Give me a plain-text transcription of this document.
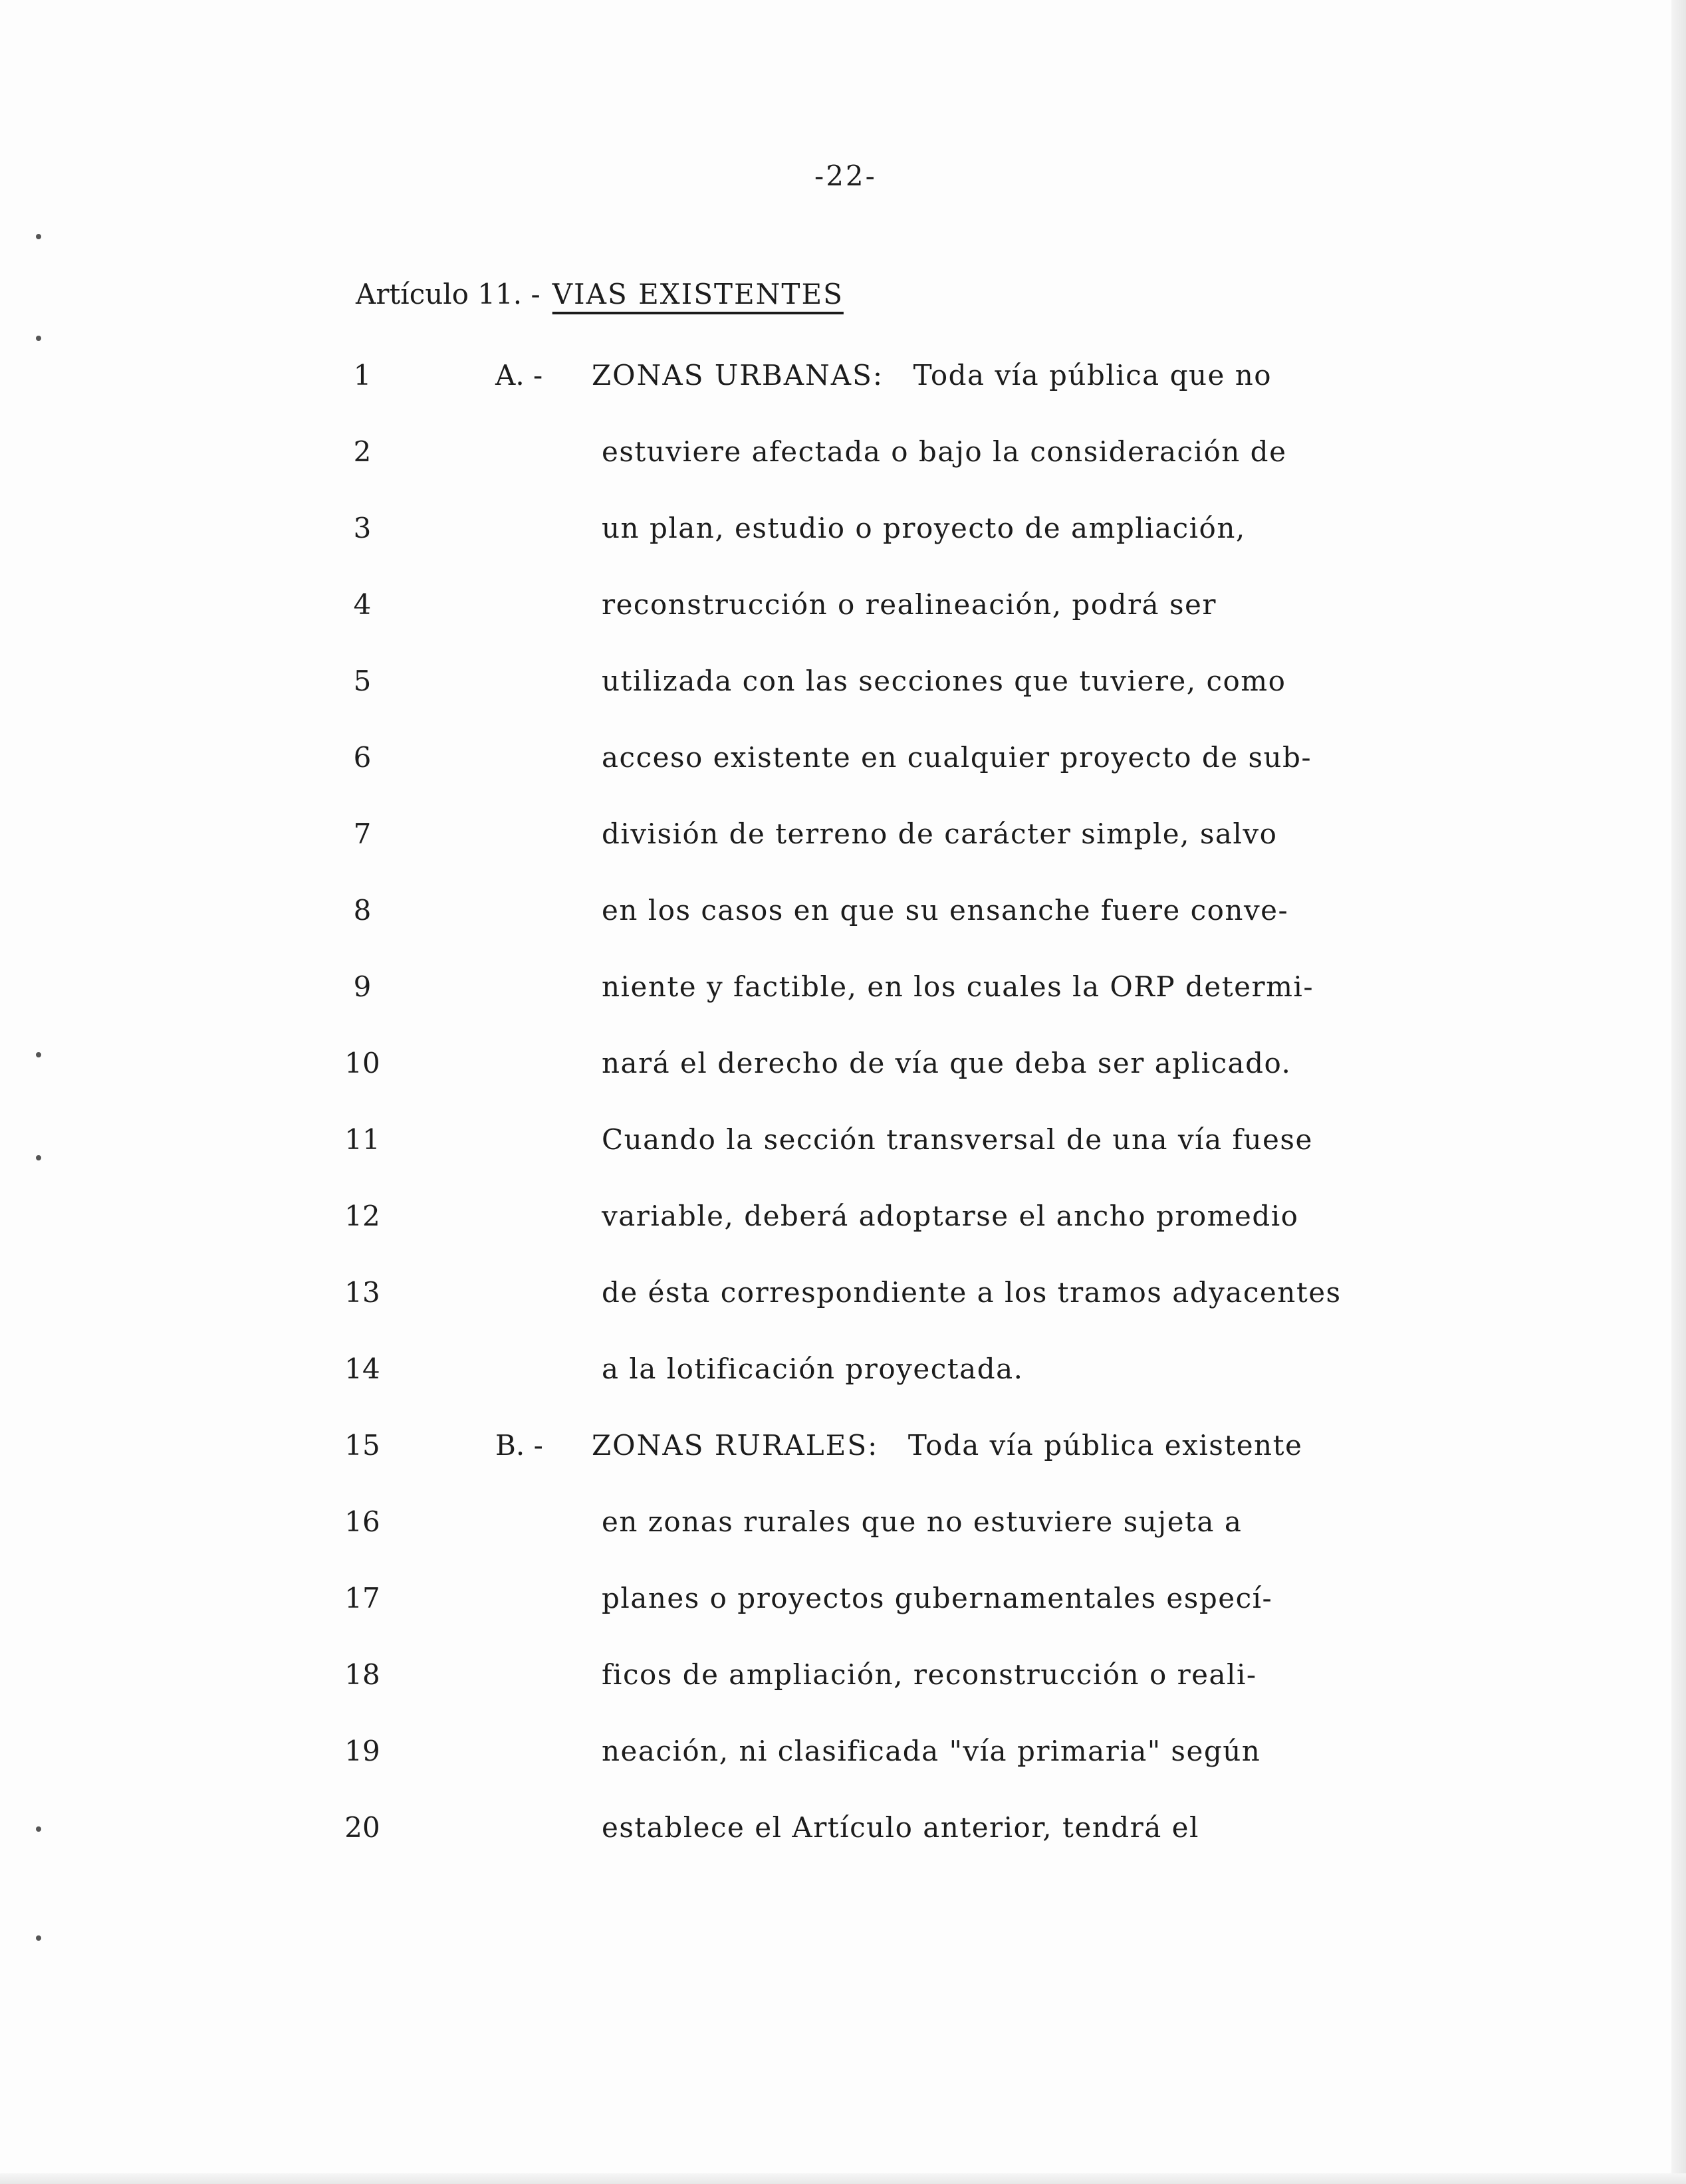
-22-
Artículo 11. - VIAS EXISTENTES
1
2
3
4
5
6
7
8
9
10
11
12
13
14
15
16
17
18
19
20
A. -
B. -
ZONAS URBANAS: Toda vía pública que no
estuviere afectada o bajo la consideración de
un plan, estudio o proyecto de ampliación,
reconstrucción o realineación, podrá ser
utilizada con las secciones que tuviere, como
acceso existente en cualquier proyecto de sub-
división de terreno de carácter simple, salvo
en los casos en que su ensanche fuere conve-
niente y factible, en los cuales la ORP determi-
nará el derecho de vía que deba ser aplicado.
Cuando la sección transversal de una vía fuese
variable, deberá adoptarse el ancho promedio
de ésta correspondiente a los tramos adyacentes
a la lotificación proyectada.
ZONAS RURALES: Toda vía pública existente
en zonas rurales que no estuviere sujeta a
planes o proyectos gubernamentales especí-
ficos de ampliación, reconstrucción o reali-
neación, ni clasificada "vía primaria" según
establece el Artículo anterior, tendrá el
